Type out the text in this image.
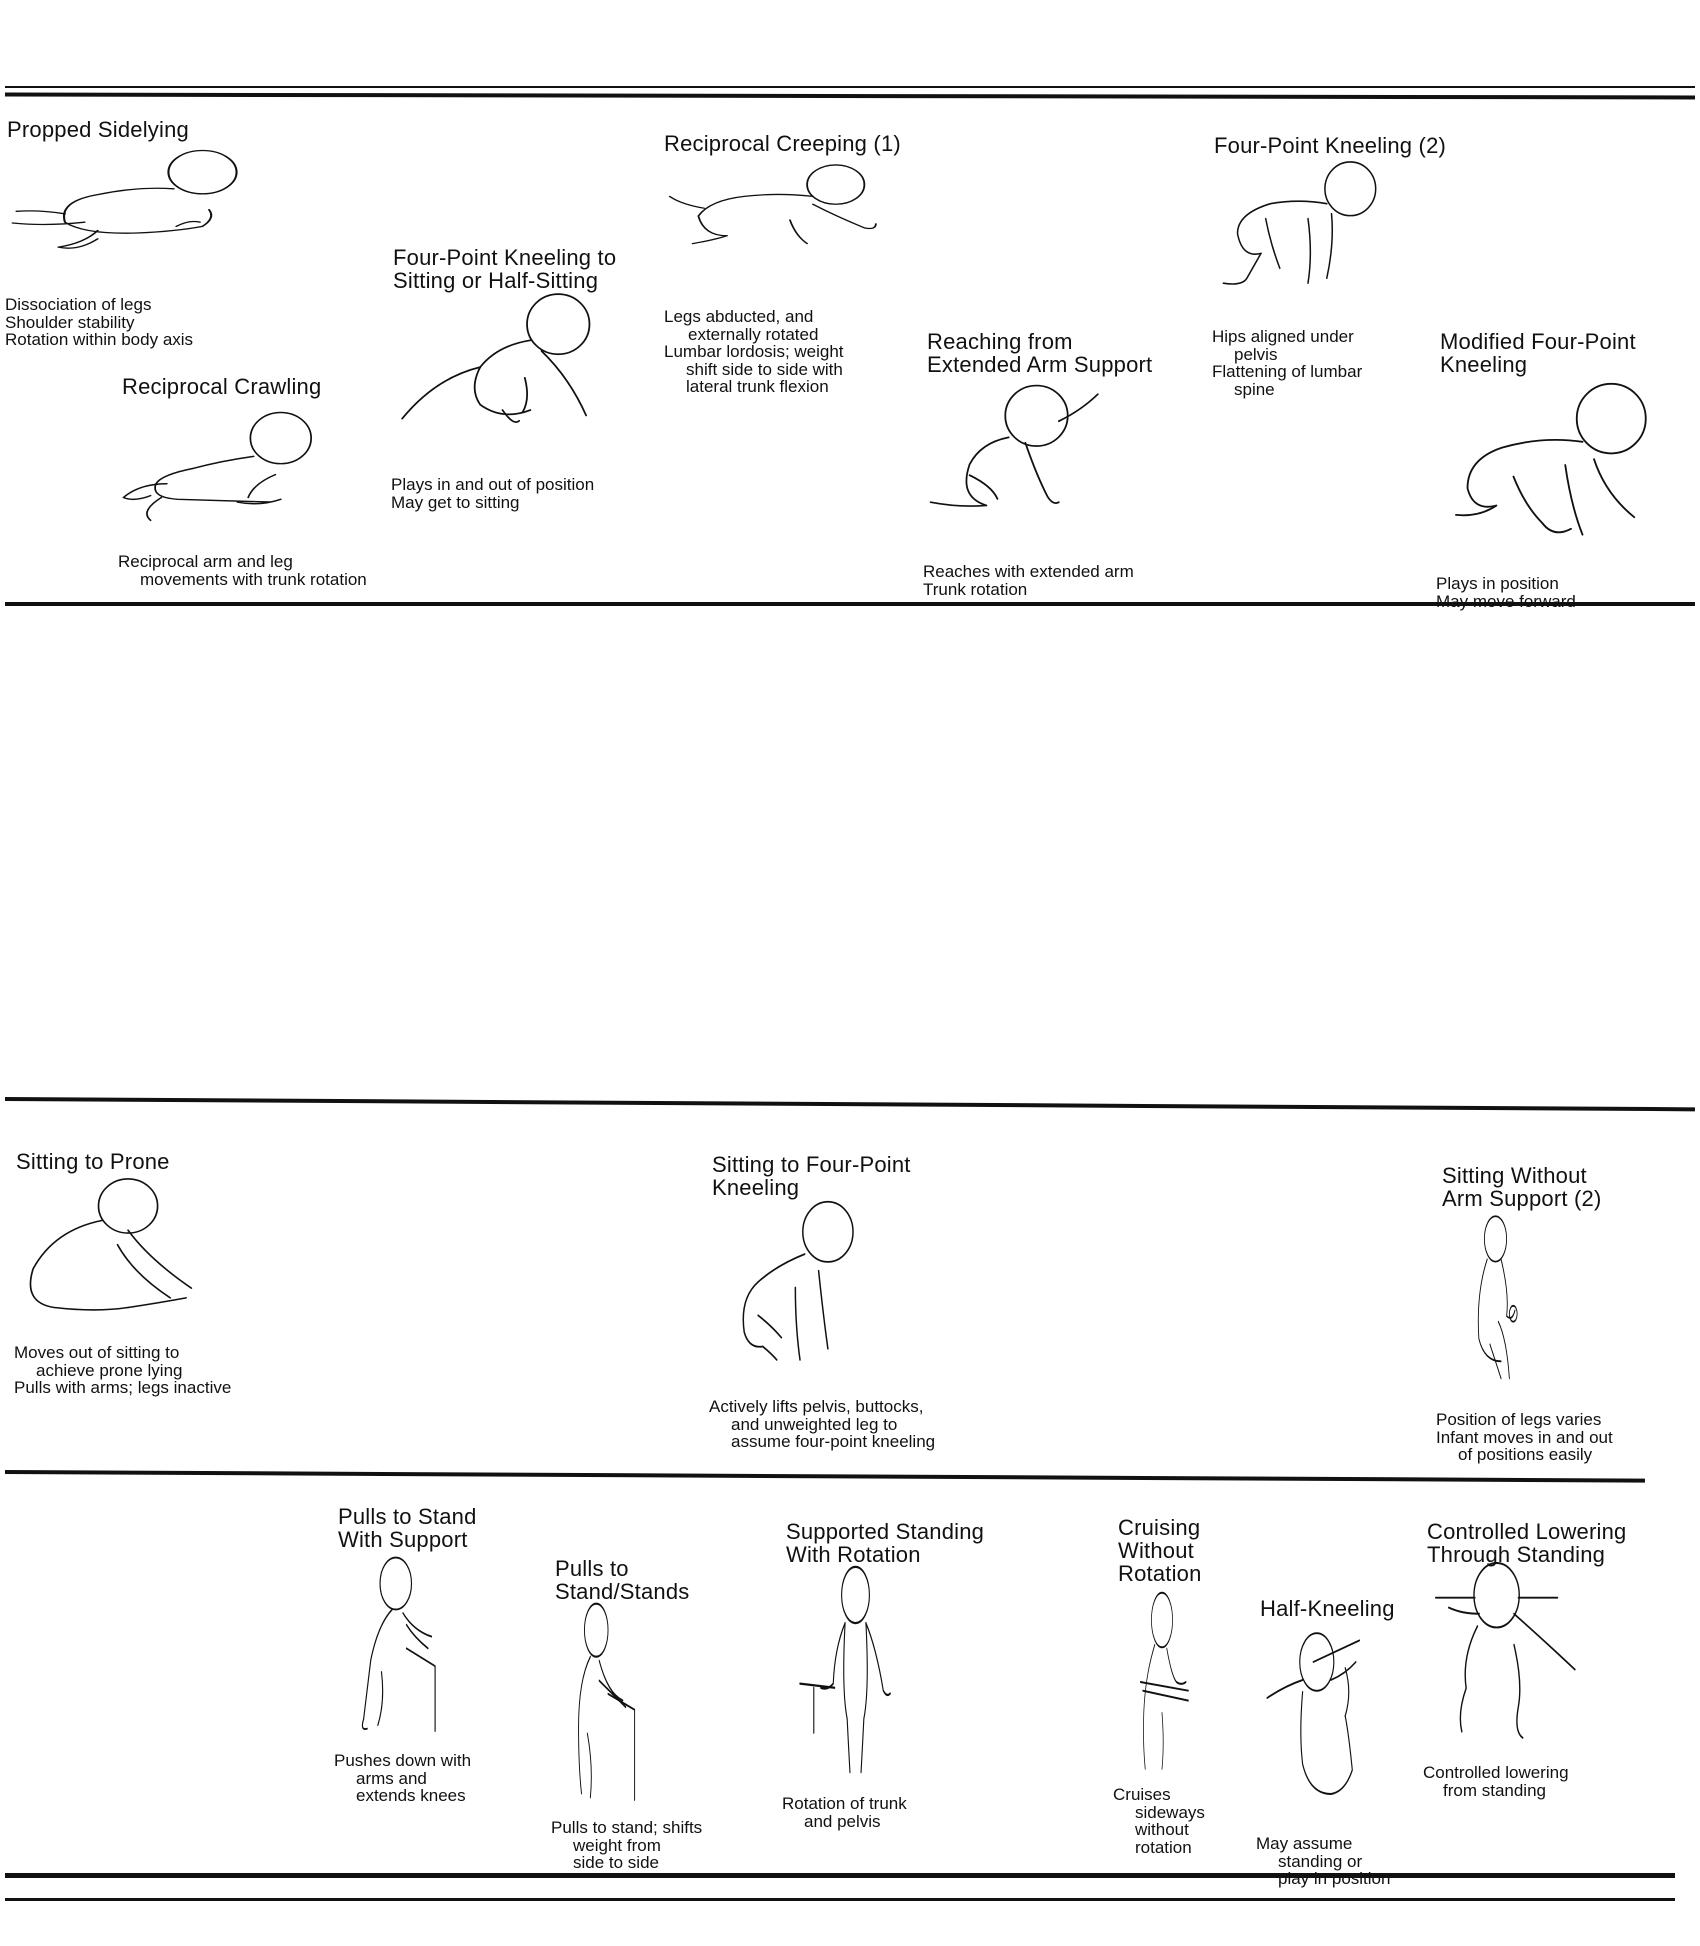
Propped Sidelying
Dissociation of legs
Shoulder stability
Rotation within body axis
Reciprocal Crawling
Reciprocal arm and leg
movements with trunk rotation
Four-Point Kneeling to
Sitting or Half-Sitting
Plays in and out of position
May get to sitting
Reciprocal Creeping (1)
Legs abducted, and
externally rotated
Lumbar lordosis; weight
shift side to side with
lateral trunk flexion
Reaching from
Extended Arm Support
Reaches with extended arm
Trunk rotation
Four-Point Kneeling (2)
Hips aligned under
pelvis
Flattening of lumbar
spine
Modified Four-Point
Kneeling
Plays in position
May move forward
Sitting to Prone
Moves out of sitting to
achieve prone lying
Pulls with arms; legs inactive
Sitting to Four-Point
Kneeling
Actively lifts pelvis, buttocks,
and unweighted leg to
assume four-point kneeling
Sitting Without
Arm Support (2)
Position of legs varies
Infant moves in and out
of positions easily
Pulls to Stand
With Support
Pushes down with
arms and
extends knees
Pulls to
Stand/Stands
Pulls to stand; shifts
weight from
side to side
Supported Standing
With Rotation
Rotation of trunk
and pelvis
Cruising
Without
Rotation
Cruises
sideways
without
rotation
Half-Kneeling
May assume
standing or
play in position
Controlled Lowering
Through Standing
Controlled lowering
from standing
